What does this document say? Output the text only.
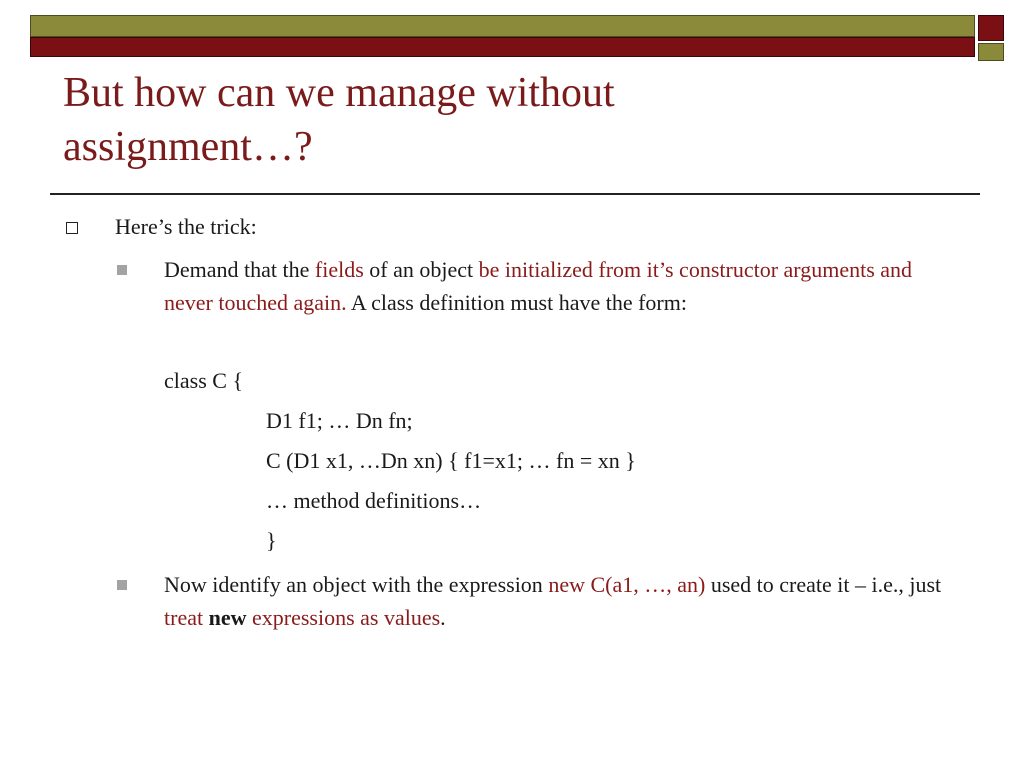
But how can we manage without
assignment…?
Here’s the trick:
Demand that the fields of an object be initialized from it’s constructor arguments and never touched again. A class definition must have the form:
class C {
D1 f1; … Dn fn;
C (D1 x1, …Dn xn) { f1=x1; … fn = xn }
… method definitions…
}
Now identify an object with the expression new C(a1, …, an) used to create it – i.e., just treat new expressions as values.
